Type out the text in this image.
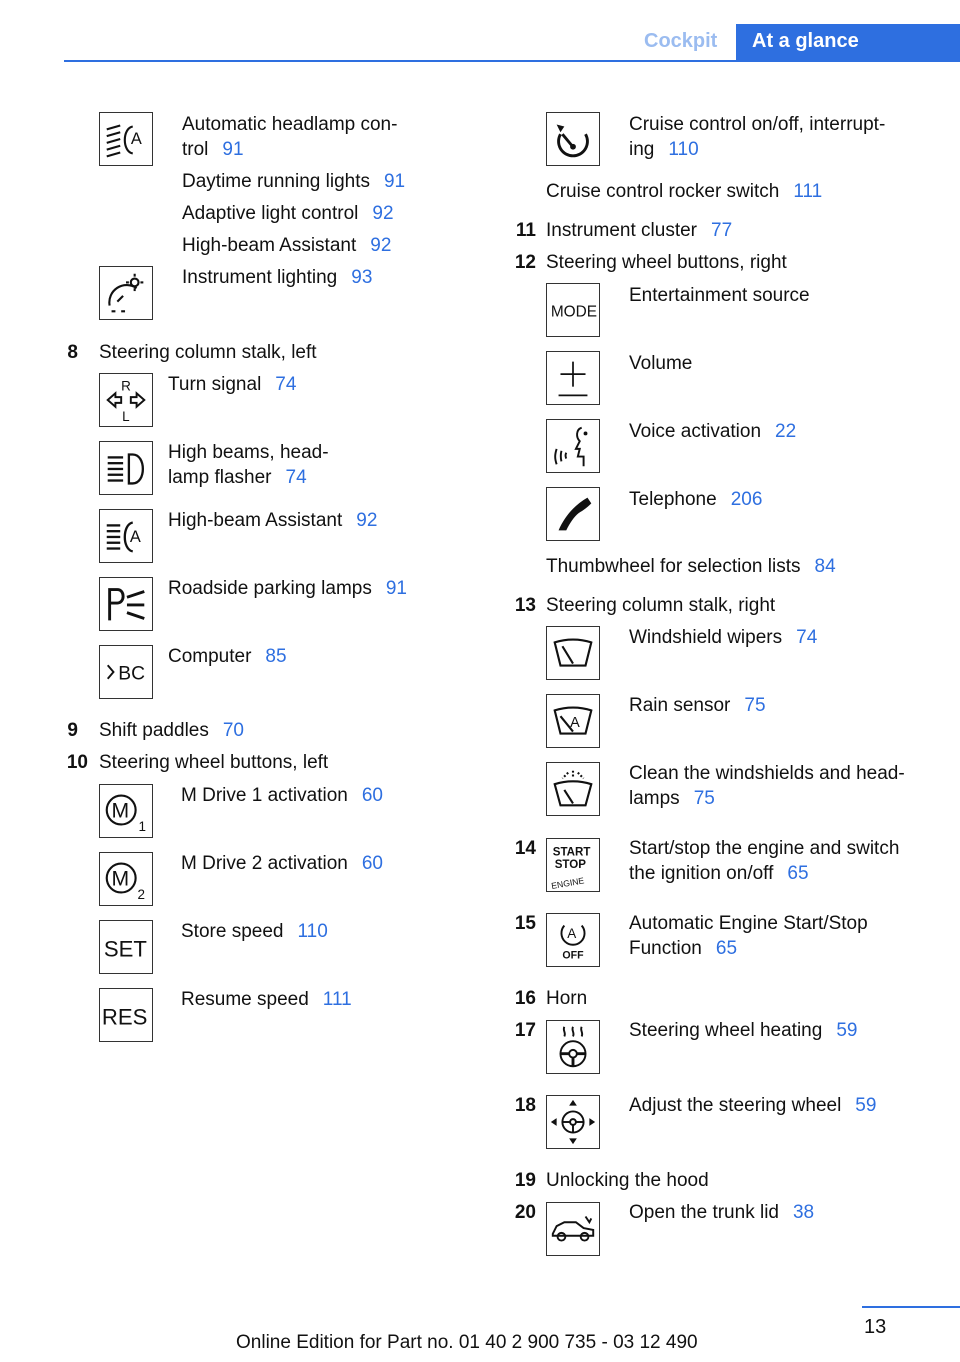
Cockpit At a glance
A
Automatic headlamp con-
trol 91
Daytime running lights 91
Adaptive light control 92
High-beam Assistant 92
Instrument lighting 93
8 Steering column stalk, left
R
L
Turn signal 74
High beams, head-
lamp flasher 74
A
High-beam Assistant 92
Roadside parking lamps 91
BC
Computer 85
9 Shift paddles 70
10 Steering wheel buttons, left
M
1
M Drive 1 activation 60
M
2
M Drive 2 activation 60
SET
Store speed 110
RES
Resume speed 111
Cruise control on/off, interrupt-
ing 110
Cruise control rocker switch 111
11 Instrument cluster 77
12 Steering wheel buttons, right
MODE
Entertainment source
Volume
Voice activation 22
Telephone 206
Thumbwheel for selection lists 84
13 Steering column stalk, right
Windshield wipers 74
A
Rain sensor 75
Clean the windshields and head-
lamps 75
14 START
STOP
ENGINE
Start/stop the engine and switch
the ignition on/off 65
15 A
OFF
Automatic Engine Start/Stop
Function 65
16 Horn
17	Steering wheel heating 59
18	Adjust the steering wheel 59
19 Unlocking the hood
20	Open the trunk lid 38
13
Online Edition for Part no. 01 40 2 900 735 - 03 12 490
